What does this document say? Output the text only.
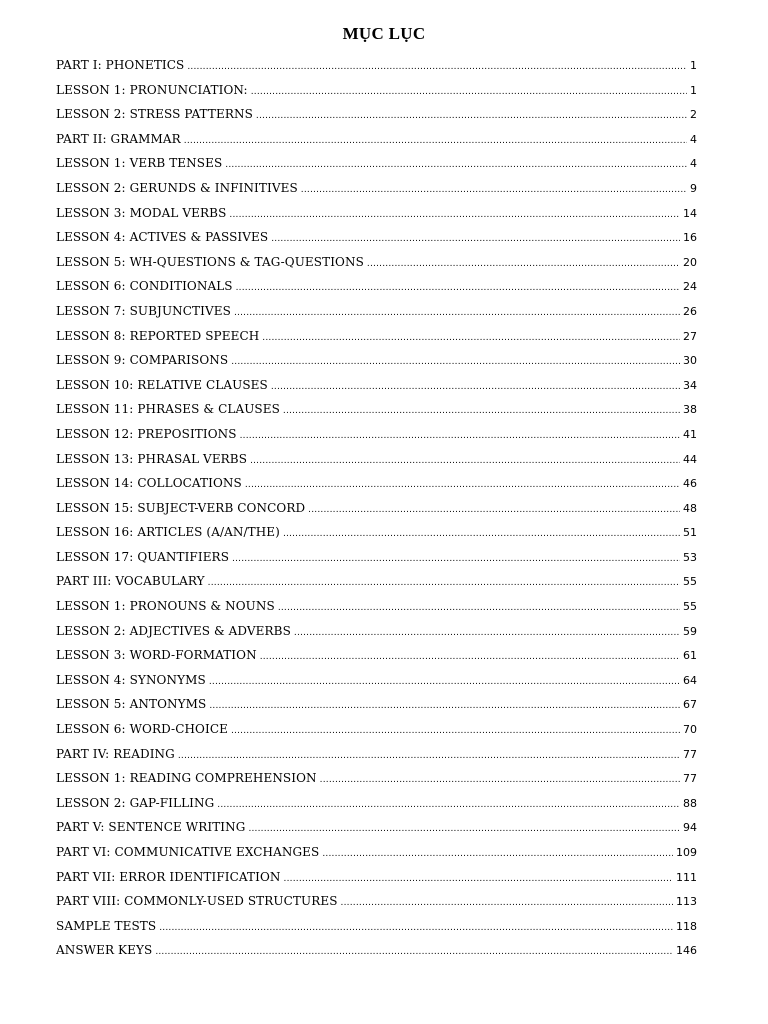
MỤC LỤC
PART I: PHONETICS .....	1
LESSON 1: PRONUNCIATION: .....	1
LESSON 2: STRESS PATTERNS .....	2
PART II: GRAMMAR .....	4
LESSON 1: VERB TENSES .....	4
LESSON 2: GERUNDS & INFINITIVES .....	9
LESSON 3: MODAL VERBS .....	14
LESSON 4: ACTIVES & PASSIVES .....	16
LESSON 5: WH-QUESTIONS & TAG-QUESTIONS .....	20
LESSON 6: CONDITIONALS .....	24
LESSON 7: SUBJUNCTIVES .....	26
LESSON 8: REPORTED SPEECH .....	27
LESSON 9: COMPARISONS .....	30
LESSON 10: RELATIVE CLAUSES .....	34
LESSON 11: PHRASES & CLAUSES .....	38
LESSON 12: PREPOSITIONS .....	41
LESSON 13: PHRASAL VERBS .....	44
LESSON 14: COLLOCATIONS .....	46
LESSON 15: SUBJECT-VERB CONCORD .....	48
LESSON 16: ARTICLES (A/AN/THE) .....	51
LESSON 17: QUANTIFIERS .....	53
PART III: VOCABULARY .....	55
LESSON 1: PRONOUNS & NOUNS .....	55
LESSON 2: ADJECTIVES & ADVERBS .....	59
LESSON 3: WORD-FORMATION .....	61
LESSON 4: SYNONYMS .....	64
LESSON 5: ANTONYMS .....	67
LESSON 6: WORD-CHOICE .....	70
PART IV: READING .....	77
LESSON 1: READING COMPREHENSION .....	77
LESSON 2: GAP-FILLING .....	88
PART V: SENTENCE WRITING .....	94
PART VI: COMMUNICATIVE EXCHANGES .....	109
PART VII: ERROR IDENTIFICATION .....	111
PART VIII: COMMONLY-USED STRUCTURES .....	113
SAMPLE TESTS .....	118
ANSWER KEYS .....	146
